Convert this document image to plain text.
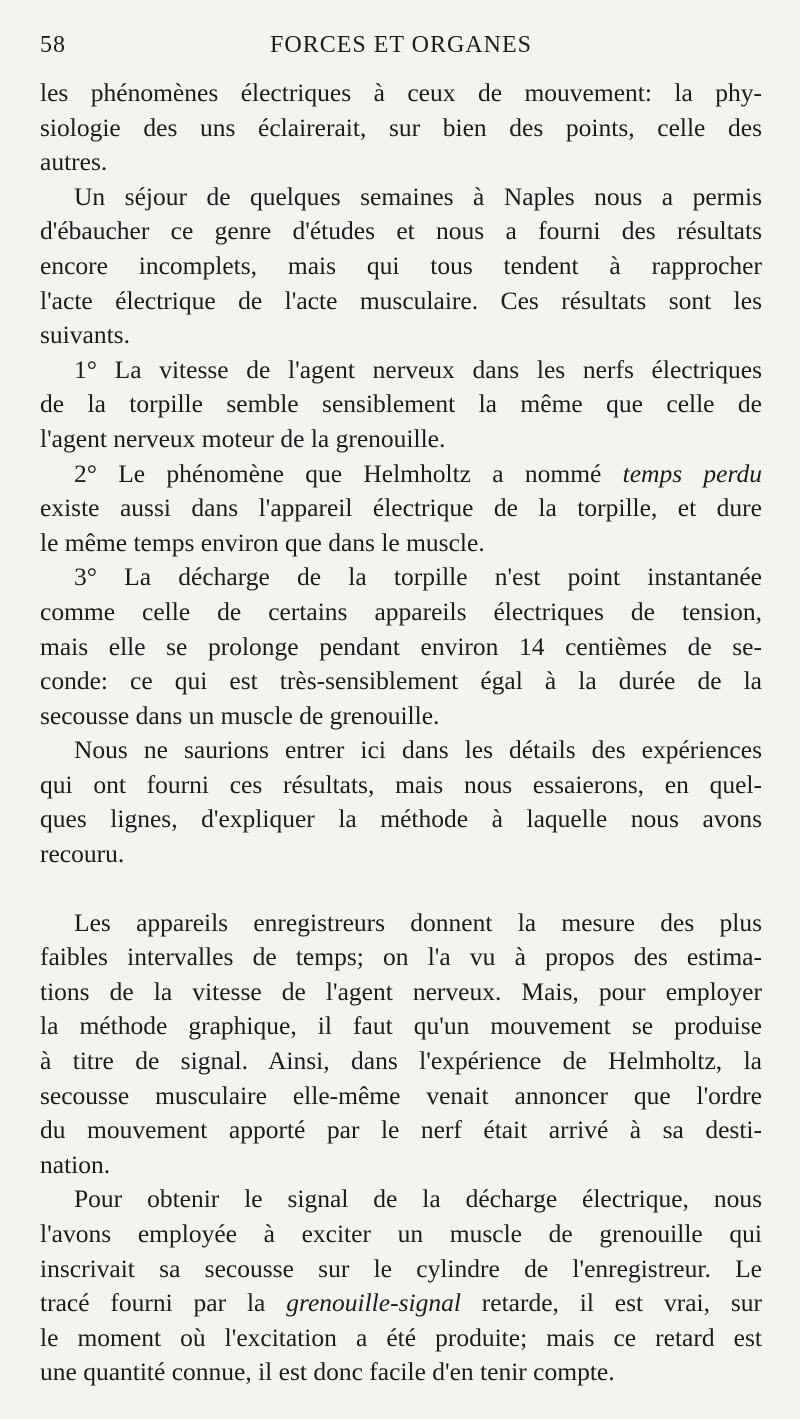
58	FORCES ET ORGANES
les phénomènes électriques à ceux de mouvement: la phy-
siologie des uns éclairerait, sur bien des points, celle des
autres.
Un séjour de quelques semaines à Naples nous a permis
d'ébaucher ce genre d'études et nous a fourni des résultats
encore incomplets, mais qui tous tendent à rapprocher
l'acte électrique de l'acte musculaire. Ces résultats sont les
suivants.
1° La vitesse de l'agent nerveux dans les nerfs électriques
de la torpille semble sensiblement la même que celle de
l'agent nerveux moteur de la grenouille.
2° Le phénomène que Helmholtz a nommé temps perdu
existe aussi dans l'appareil électrique de la torpille, et dure
le même temps environ que dans le muscle.
3° La décharge de la torpille n'est point instantanée
comme celle de certains appareils électriques de tension,
mais elle se prolonge pendant environ 14 centièmes de se-
conde: ce qui est très-sensiblement égal à la durée de la
secousse dans un muscle de grenouille.
Nous ne saurions entrer ici dans les détails des expériences
qui ont fourni ces résultats, mais nous essaierons, en quel-
ques lignes, d'expliquer la méthode à laquelle nous avons
recouru.
Les appareils enregistreurs donnent la mesure des plus
faibles intervalles de temps; on l'a vu à propos des estima-
tions de la vitesse de l'agent nerveux. Mais, pour employer
la méthode graphique, il faut qu'un mouvement se produise
à titre de signal. Ainsi, dans l'expérience de Helmholtz, la
secousse musculaire elle-même venait annoncer que l'ordre
du mouvement apporté par le nerf était arrivé à sa desti-
nation.
Pour obtenir le signal de la décharge électrique, nous
l'avons employée à exciter un muscle de grenouille qui
inscrivait sa secousse sur le cylindre de l'enregistreur. Le
tracé fourni par la grenouille-signal retarde, il est vrai, sur
le moment où l'excitation a été produite; mais ce retard est
une quantité connue, il est donc facile d'en tenir compte.
